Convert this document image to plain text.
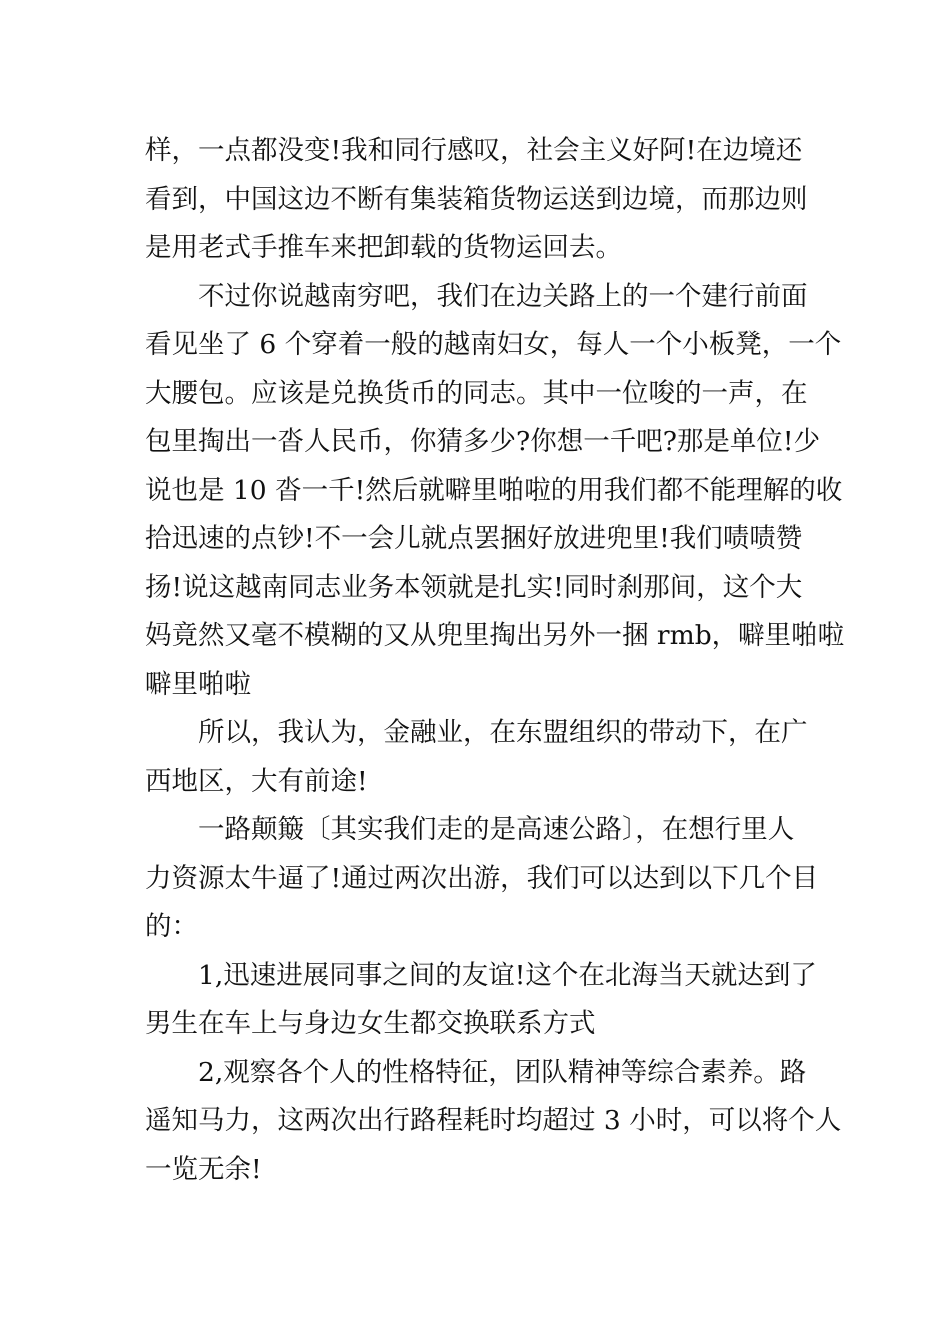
样，一点都没变!我和同行感叹，社会主义好阿!在边境还
看到，中国这边不断有集装箱货物运送到边境，而那边则
是用老式手推车来把卸载的货物运回去。
不过你说越南穷吧，我们在边关路上的一个建行前面
看见坐了 6 个穿着一般的越南妇女，每人一个小板凳，一个
大腰包。应该是兑换货币的同志。其中一位唆的一声，在
包里掏出一沓人民币，你猜多少?你想一千吧?那是单位!少
说也是 10 沓一千!然后就噼里啪啦的用我们都不能理解的收
拾迅速的点钞!不一会儿就点罢捆好放进兜里!我们啧啧赞
扬!说这越南同志业务本领就是扎实!同时刹那间，这个大
妈竟然又毫不模糊的又从兜里掏出另外一捆 rmb，噼里啪啦
噼里啪啦
所以，我认为，金融业，在东盟组织的带动下，在广
西地区，大有前途!
一路颠簸〔其实我们走的是高速公路〕，在想行里人
力资源太牛逼了!通过两次出游，我们可以达到以下几个目
的：
1,迅速进展同事之间的友谊!这个在北海当天就达到了
男生在车上与身边女生都交换联系方式
2,观察各个人的性格特征，团队精神等综合素养。路
遥知马力，这两次出行路程耗时均超过 3 小时，可以将个人
一览无余!
